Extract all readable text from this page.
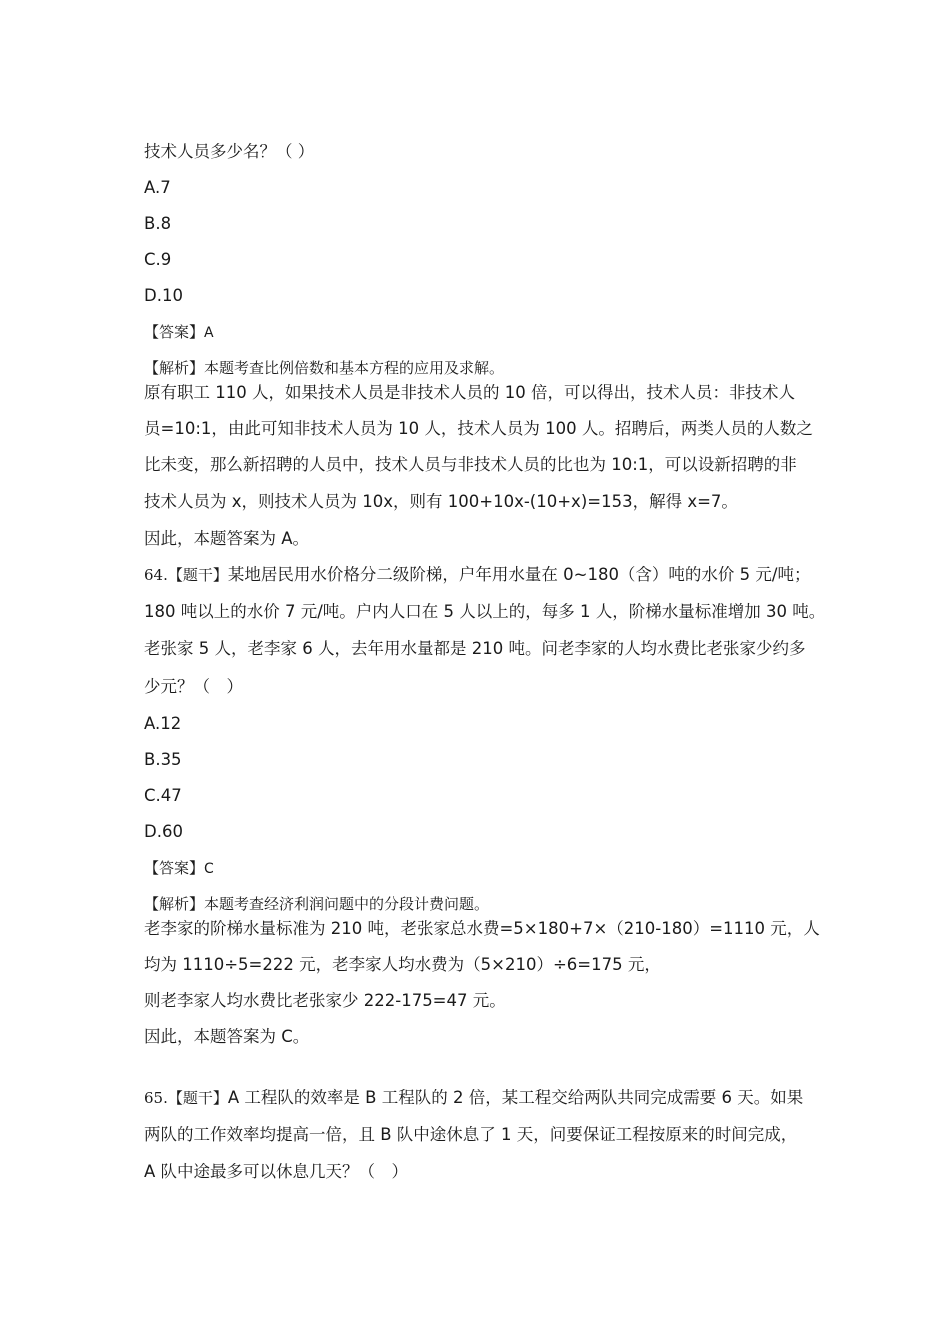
技术人员多少名？（ ）
A.7
B.8
C.9
D.10
【答案】A
【解析】本题考查比例倍数和基本方程的应用及求解。
原有职工 110 人，如果技术人员是非技术人员的 10 倍，可以得出，技术人员：非技术人
员=10:1，由此可知非技术人员为 10 人，技术人员为 100 人。招聘后，两类人员的人数之
比未变，那么新招聘的人员中，技术人员与非技术人员的比也为 10:1，可以设新招聘的非
技术人员为 x，则技术人员为 10x，则有 100+10x-(10+x)=153，解得 x=7。
因此，本题答案为 A。
64.【题干】某地居民用水价格分二级阶梯，户年用水量在 0~180（含）吨的水价 5 元/吨；
180 吨以上的水价 7 元/吨。户内人口在 5 人以上的，每多 1 人，阶梯水量标准增加 30 吨。
老张家 5 人，老李家 6 人，去年用水量都是 210 吨。问老李家的人均水费比老张家少约多
少元？（　）
A.12
B.35
C.47
D.60
【答案】C
【解析】本题考查经济利润问题中的分段计费问题。
老李家的阶梯水量标准为 210 吨，老张家总水费=5×180+7×（210-180）=1110 元，人
均为 1110÷5=222 元，老李家人均水费为（5×210）÷6=175 元，
则老李家人均水费比老张家少 222-175=47 元。
因此，本题答案为 C。
65.【题干】A 工程队的效率是 B 工程队的 2 倍，某工程交给两队共同完成需要 6 天。如果
两队的工作效率均提高一倍，且 B 队中途休息了 1 天，问要保证工程按原来的时间完成，
A 队中途最多可以休息几天？（　）
